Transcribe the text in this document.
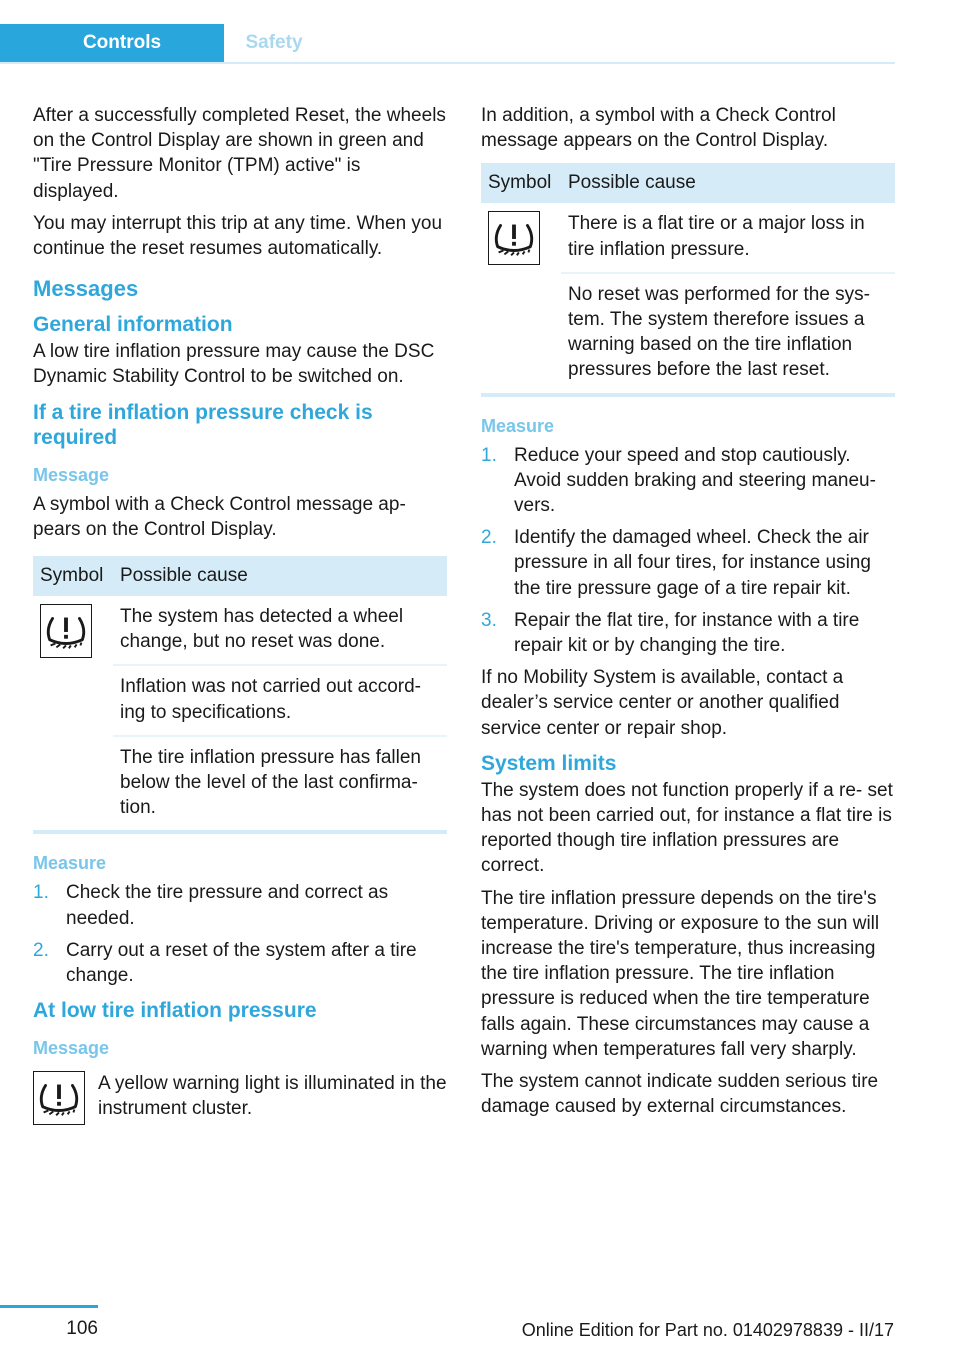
Controls	Safety

After a successfully completed Reset, the wheels on the Control Display are shown in green and "Tire Pressure Monitor (TPM) active" is displayed.

You may interrupt this trip at any time. When you continue the reset resumes automatically.

Messages
General information

A low tire inflation pressure may cause the DSC Dynamic Stability Control to be switched on.

If a tire inflation pressure check is required
Message

A symbol with a Check Control message ap‐ pears on the Control Display.

Symbol	Possible cause

	The system has detected a wheel change, but no reset was done.
	Inflation was not carried out accord‐ ing to specifications.
	The tire inflation pressure has fallen below the level of the last confirma‐ tion.
Measure
1. Check the tire pressure and correct as needed.
2. Carry out a reset of the system after a tire change.
At low tire inflation pressure
Message

A yellow warning light is illuminated in the instrument cluster.

In addition, a symbol with a Check Control message appears on the Control Display.

Symbol	Possible cause

	There is a flat tire or a major loss in tire inflation pressure.
	No reset was performed for the sys‐ tem. The system therefore issues a warning based on the tire inflation pressures before the last reset.
Measure
1. Reduce your speed and stop cautiously. Avoid sudden braking and steering maneu‐ vers.
2. Identify the damaged wheel. Check the air pressure in all four tires, for instance using the tire pressure gage of a tire repair kit.
3. Repair the flat tire, for instance with a tire repair kit or by changing the tire.

If no Mobility System is available, contact a dealer’s service center or another qualified service center or repair shop.

System limits

The system does not function properly if a re‐ set has not been carried out, for instance a flat tire is reported though tire inflation pressures are correct.

The tire inflation pressure depends on the tire's temperature. Driving or exposure to the sun will increase the tire's temperature, thus increasing the tire inflation pressure. The tire inflation pressure is reduced when the tire temperature falls again. These circumstances may cause a warning when temperatures fall very sharply.

The system cannot indicate sudden serious tire damage caused by external circumstances.

106	Online Edition for Part no. 01402978839 - II/17
